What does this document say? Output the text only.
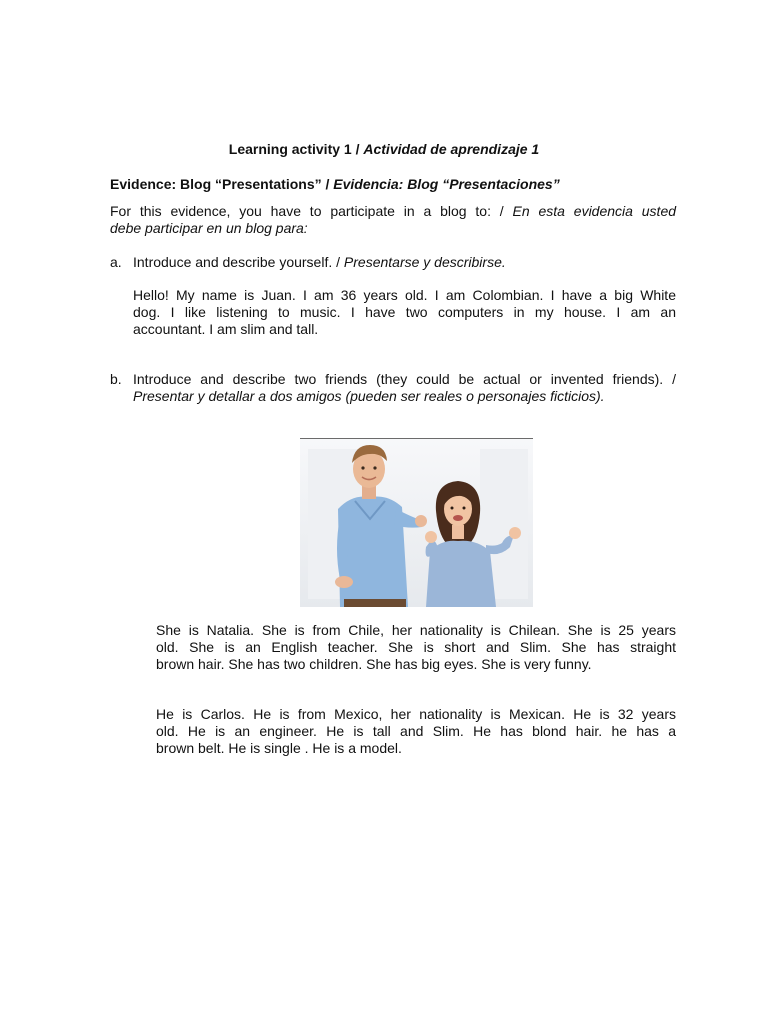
Learning activity 1 / Actividad de aprendizaje 1
Evidence: Blog “Presentations” / Evidencia: Blog “Presentaciones”
For this evidence, you have to participate in a blog to: / En esta evidencia usted
debe participar en un blog para:
a. Introduce and describe yourself. / Presentarse y describirse.
Hello! My name is Juan. I am 36 years old. I am Colombian. I have a big White
dog. I like listening to music. I have two computers in my house. I am an
accountant. I am slim and tall.
b. Introduce and describe two friends (they could be actual or invented friends). /
Presentar y detallar a dos amigos (pueden ser reales o personajes ficticios).
She is Natalia. She is from Chile, her nationality is Chilean. She is 25 years
old. She is an English teacher. She is short and Slim. She has straight
brown hair. She has two children. She has big eyes. She is very funny.
He is Carlos. He is from Mexico, her nationality is Mexican. He is 32 years
old. He is an engineer. He is tall and Slim. He has blond hair. he has a
brown belt. He is single . He is a model.
